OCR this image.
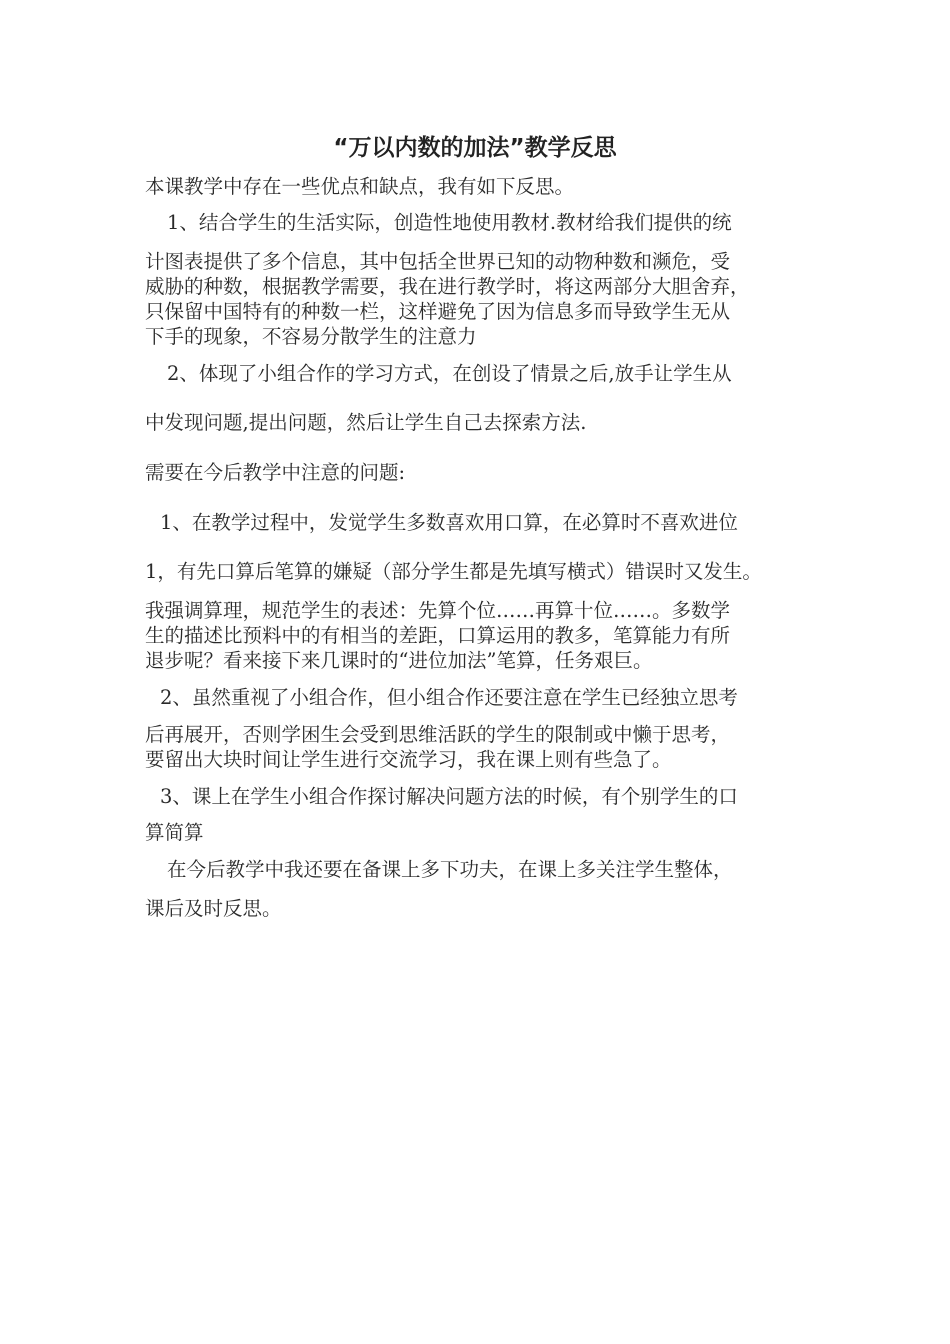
“万以内数的加法”教学反思
本课教学中存在一些优点和缺点，我有如下反思。
1、结合学生的生活实际，创造性地使用教材.教材给我们提供的统
计图表提供了多个信息，其中包括全世界已知的动物种数和濒危，受
威胁的种数，根据教学需要，我在进行教学时，将这两部分大胆舍弃，
只保留中国特有的种数一栏，这样避免了因为信息多而导致学生无从
下手的现象，不容易分散学生的注意力
2、体现了小组合作的学习方式，在创设了情景之后,放手让学生从
中发现问题,提出问题，然后让学生自己去探索方法.
需要在今后教学中注意的问题:
1、在教学过程中，发觉学生多数喜欢用口算，在必算时不喜欢进位
1，有先口算后笔算的嫌疑（部分学生都是先填写横式）错误时又发生。
我强调算理，规范学生的表述：先算个位……再算十位……。多数学
生的描述比预料中的有相当的差距，口算运用的教多，笔算能力有所
退步呢？看来接下来几课时的“进位加法”笔算，任务艰巨。
2、虽然重视了小组合作，但小组合作还要注意在学生已经独立思考
后再展开，否则学困生会受到思维活跃的学生的限制或中懒于思考，
要留出大块时间让学生进行交流学习，我在课上则有些急了。
3、课上在学生小组合作探讨解决问题方法的时候，有个别学生的口
算简算
在今后教学中我还要在备课上多下功夫，在课上多关注学生整体，
课后及时反思。
